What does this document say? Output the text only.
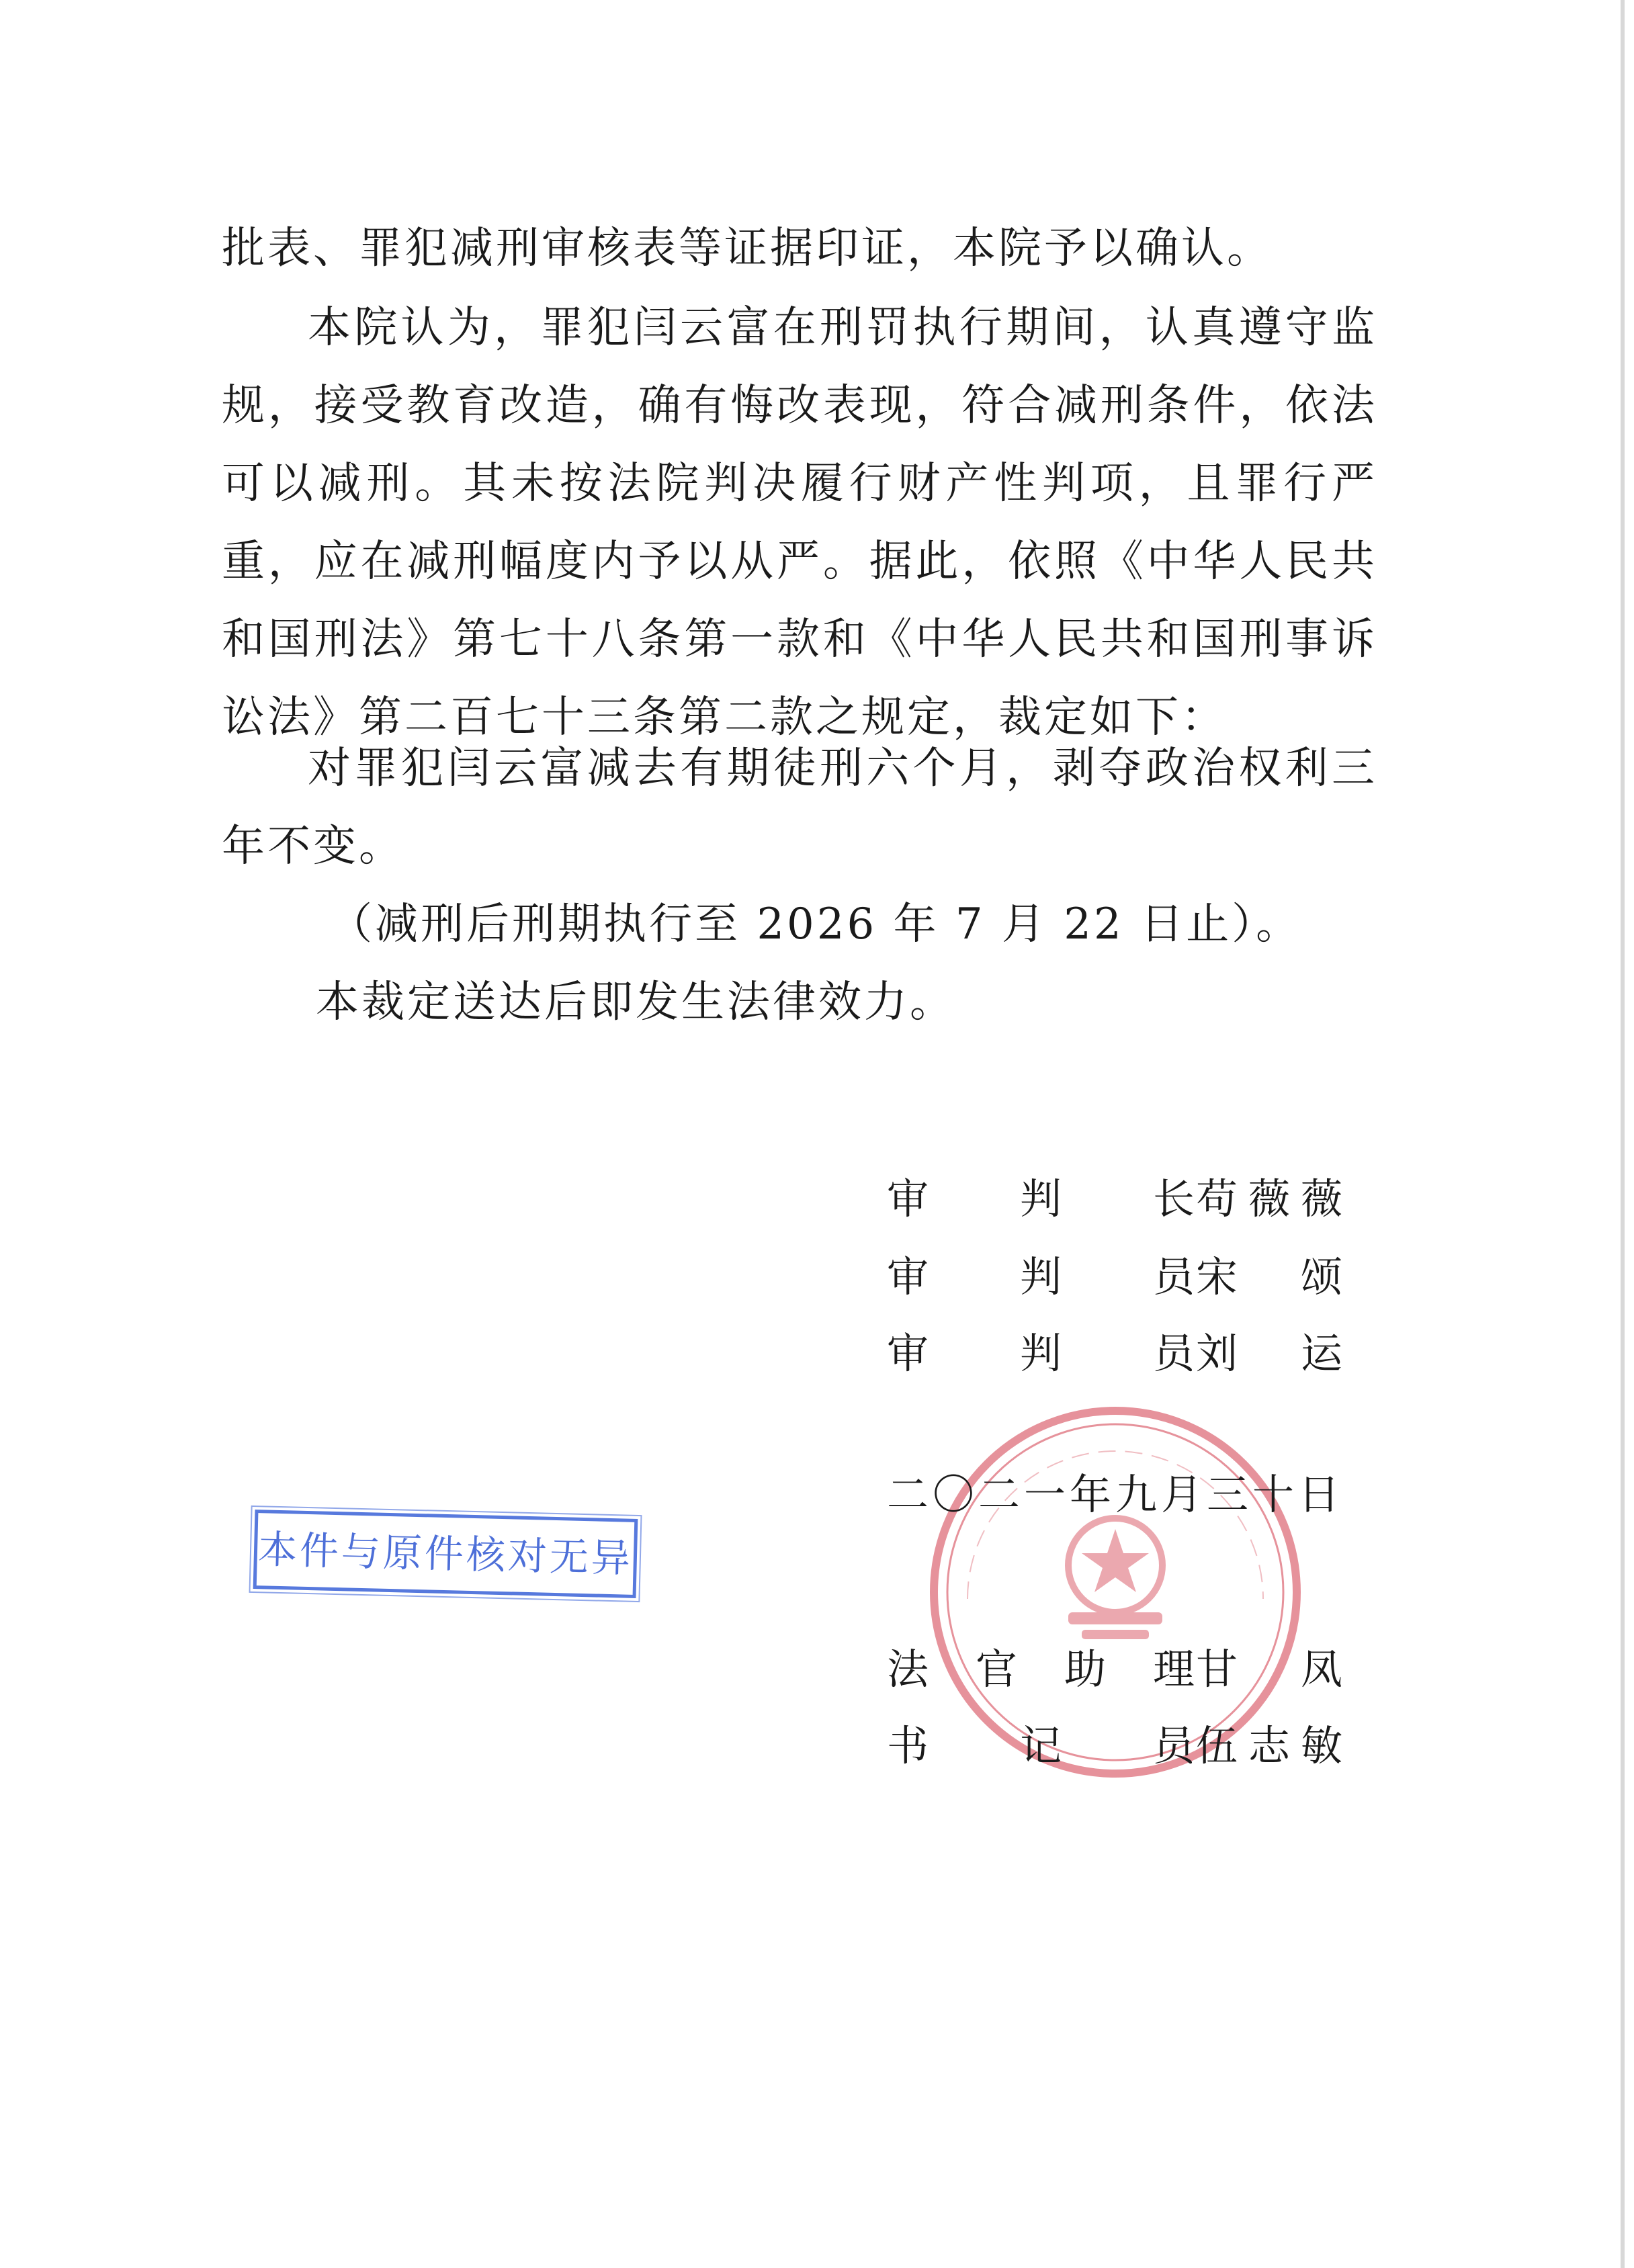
批表、罪犯减刑审核表等证据印证，本院予以确认。

本院认为，罪犯闫云富在刑罚执行期间，认真遵守监规，接受教育改造，确有悔改表现，符合减刑条件，依法可以减刑。其未按法院判决履行财产性判项，且罪行严重，应在减刑幅度内予以从严。据此，依照《中华人民共和国刑法》第七十八条第一款和《中华人民共和国刑事诉讼法》第二百七十三条第二款之规定，裁定如下：

对罪犯闫云富减去有期徒刑六个月，剥夺政治权利三年不变。

（减刑后刑期执行至 2026 年 7 月 22 日止）。

本裁定送达后即发生法律效力。

审 判 长 苟 薇 薇
审 判 员 宋 颂
审 判 员 刘 运
二〇二一年九月三十日
法 官 助 理 甘 凤
书 记 员 伍 志 敏
本件与原件核对无异
